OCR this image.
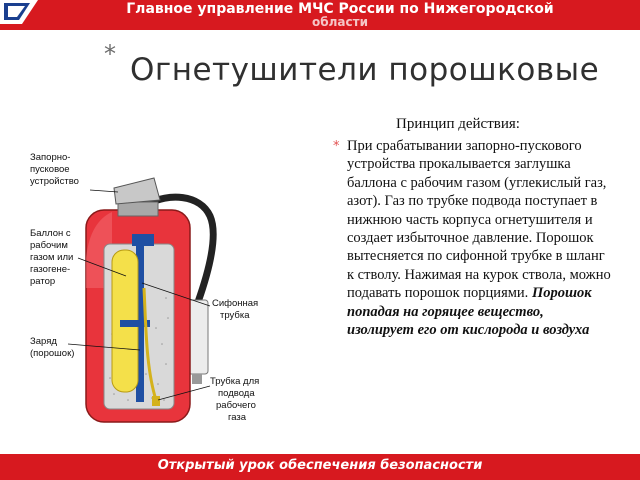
Главное управление МЧС России по Нижегородской
области
* Огнетушители порошковые
Запорно-пусковое устройство
Баллон с рабочим газом или газогене-ратор
Заряд (порошок)
Сифонная трубка
Трубка для подвода рабочего газа
Принцип действия:
* При срабатывании запорно-пускового устройства прокалывается заглушка баллона с рабочим газом (углекислый газ, азот). Газ по трубке подвода поступает в нижнюю часть корпуса огнетушителя и создает избыточное давление. Порошок вытесняется по сифонной трубке в шланг к стволу. Нажимая на курок ствола, можно подавать порошок порциями. Порошок попадая на горящее вещество, изолирует его от кислорода и воздуха

Открытый урок обеспечения безопасности
